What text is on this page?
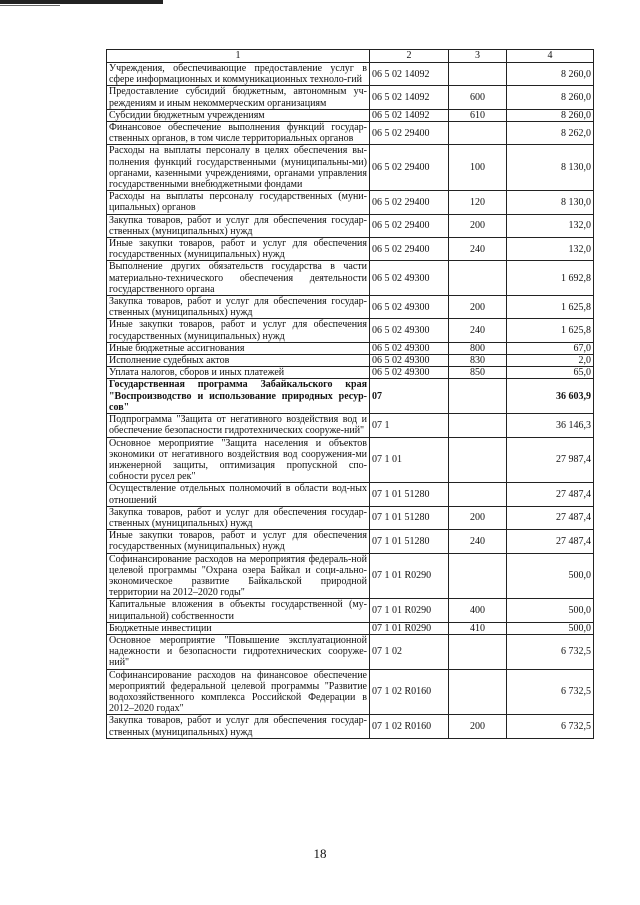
1	2	3	4
Учреждения, обеспечивающие предоставление услуг в сфере информационных и коммуникационных техноло-гий	06 5 02 14092		8 260,0
Предоставление субсидий бюджетным, автономным уч-реждениям и иным некоммерческим организациям	06 5 02 14092	600	8 260,0
Субсидии бюджетным учреждениям	06 5 02 14092	610	8 260,0
Финансовое обеспечение выполнения функций государ-ственных органов, в том числе территориальных органов	06 5 02 29400		8 262,0
Расходы на выплаты персоналу в целях обеспечения вы-полнения функций государственными (муниципальны-ми) органами, казенными учреждениями, органами управления государственными внебюджетными фондами	06 5 02 29400	100	8 130,0
Расходы на выплаты персоналу государственных (муни-ципальных) органов	06 5 02 29400	120	8 130,0
Закупка товаров, работ и услуг для обеспечения государ-ственных (муниципальных) нужд	06 5 02 29400	200	132,0
Иные закупки товаров, работ и услуг для обеспечения государственных (муниципальных) нужд	06 5 02 29400	240	132,0
Выполнение других обязательств государства в части материально-технического обеспечения деятельности государственного органа	06 5 02 49300		1 692,8
Закупка товаров, работ и услуг для обеспечения государ-ственных (муниципальных) нужд	06 5 02 49300	200	1 625,8
Иные закупки товаров, работ и услуг для обеспечения государственных (муниципальных) нужд	06 5 02 49300	240	1 625,8
Иные бюджетные ассигнования	06 5 02 49300	800	67,0
Исполнение судебных актов	06 5 02 49300	830	2,0
Уплата налогов, сборов и иных платежей	06 5 02 49300	850	65,0
Государственная программа Забайкальского края "Воспроизводство и использование природных ресур-сов"	07		36 603,9
Подпрограмма "Защита от негативного воздействия вод и обеспечение безопасности гидротехнических сооруже-ний"	07 1		36 146,3
Основное мероприятие "Защита населения и объектов экономики от негативного воздействия вод сооружения-ми инженерной защиты, оптимизация пропускной спо-собности русел рек"	07 1 01		27 987,4
Осуществление отдельных полномочий в области вод-ных отношений	07 1 01 51280		27 487,4
Закупка товаров, работ и услуг для обеспечения государ-ственных (муниципальных) нужд	07 1 01 51280	200	27 487,4
Иные закупки товаров, работ и услуг для обеспечения государственных (муниципальных) нужд	07 1 01 51280	240	27 487,4
Софинансирование расходов на мероприятия федераль-ной целевой программы "Охрана озера Байкал и соци-ально-экономическое развитие Байкальской природной территории на 2012–2020 годы"	07 1 01 R0290		500,0
Капитальные вложения в объекты государственной (му-ниципальной) собственности	07 1 01 R0290	400	500,0
Бюджетные инвестиции	07 1 01 R0290	410	500,0
Основное мероприятие "Повышение эксплуатационной надежности и безопасности гидротехнических сооруже-ний"	07 1 02		6 732,5
Софинансирование расходов на финансовое обеспечение мероприятий федеральной целевой программы "Развитие водохозяйственного комплекса Российской Федерации в 2012–2020 годах"	07 1 02 R0160		6 732,5
Закупка товаров, работ и услуг для обеспечения государ-ственных (муниципальных) нужд	07 1 02 R0160	200	6 732,5
18
